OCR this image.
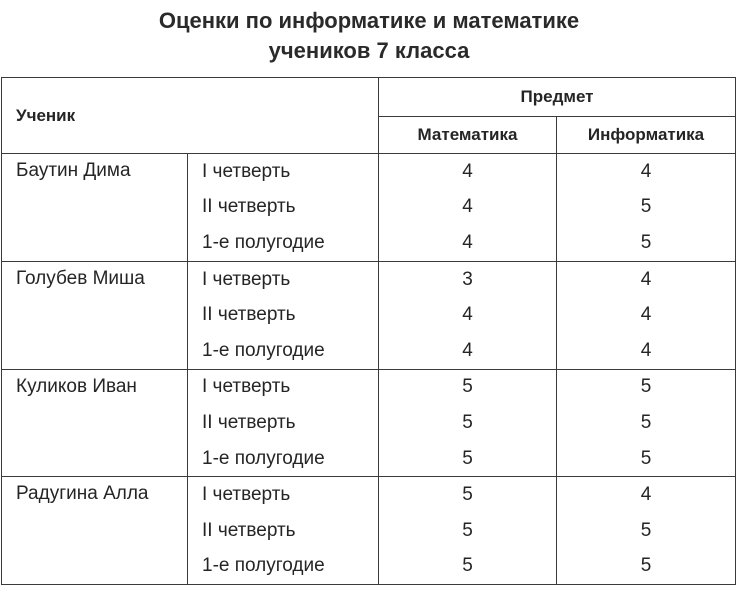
Оценки по информатике и математике
учеников 7 класса
Ученик		Предмет	
		Математика	Информатика
Баутин Дима	I четверть	4	4
	II четверть	4	5
	1-е полугодие	4	5
Голубев Миша	I четверть	3	4
	II четверть	4	4
	1-е полугодие	4	4
Куликов Иван	I четверть	5	5
	II четверть	5	5
	1-е полугодие	5	5
Радугина Алла	I четверть	5	4
	II четверть	5	5
	1-е полугодие	5	5
